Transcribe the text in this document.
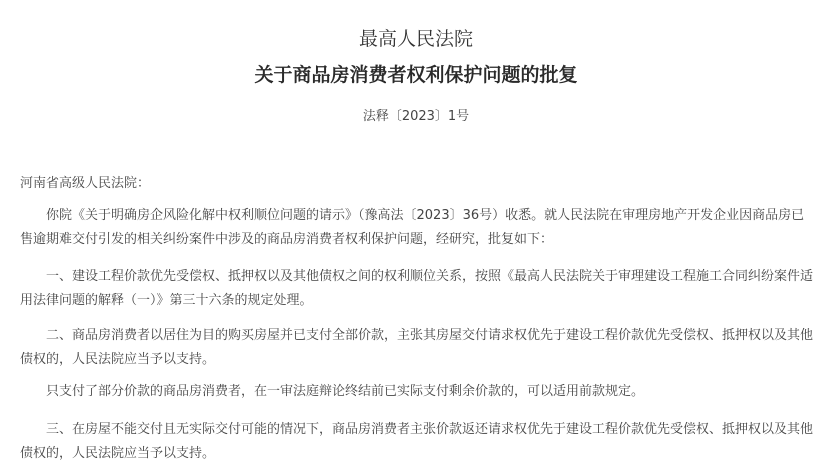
最高人民法院
关于商品房消费者权利保护问题的批复
法释〔2023〕1号
河南省高级人民法院：
你院《关于明确房企风险化解中权利顺位问题的请示》（豫高法〔2023〕36号）收悉。就人民法院在审理房地产开发企业因商品房已售逾期难交付引发的相关纠纷案件中涉及的商品房消费者权利保护问题，经研究，批复如下：
一、建设工程价款优先受偿权、抵押权以及其他债权之间的权利顺位关系，按照《最高人民法院关于审理建设工程施工合同纠纷案件适用法律问题的解释（一）》第三十六条的规定处理。
二、商品房消费者以居住为目的购买房屋并已支付全部价款，主张其房屋交付请求权优先于建设工程价款优先受偿权、抵押权以及其他债权的，人民法院应当予以支持。
只支付了部分价款的商品房消费者，在一审法庭辩论终结前已实际支付剩余价款的，可以适用前款规定。
三、在房屋不能交付且无实际交付可能的情况下，商品房消费者主张价款返还请求权优先于建设工程价款优先受偿权、抵押权以及其他债权的，人民法院应当予以支持。
